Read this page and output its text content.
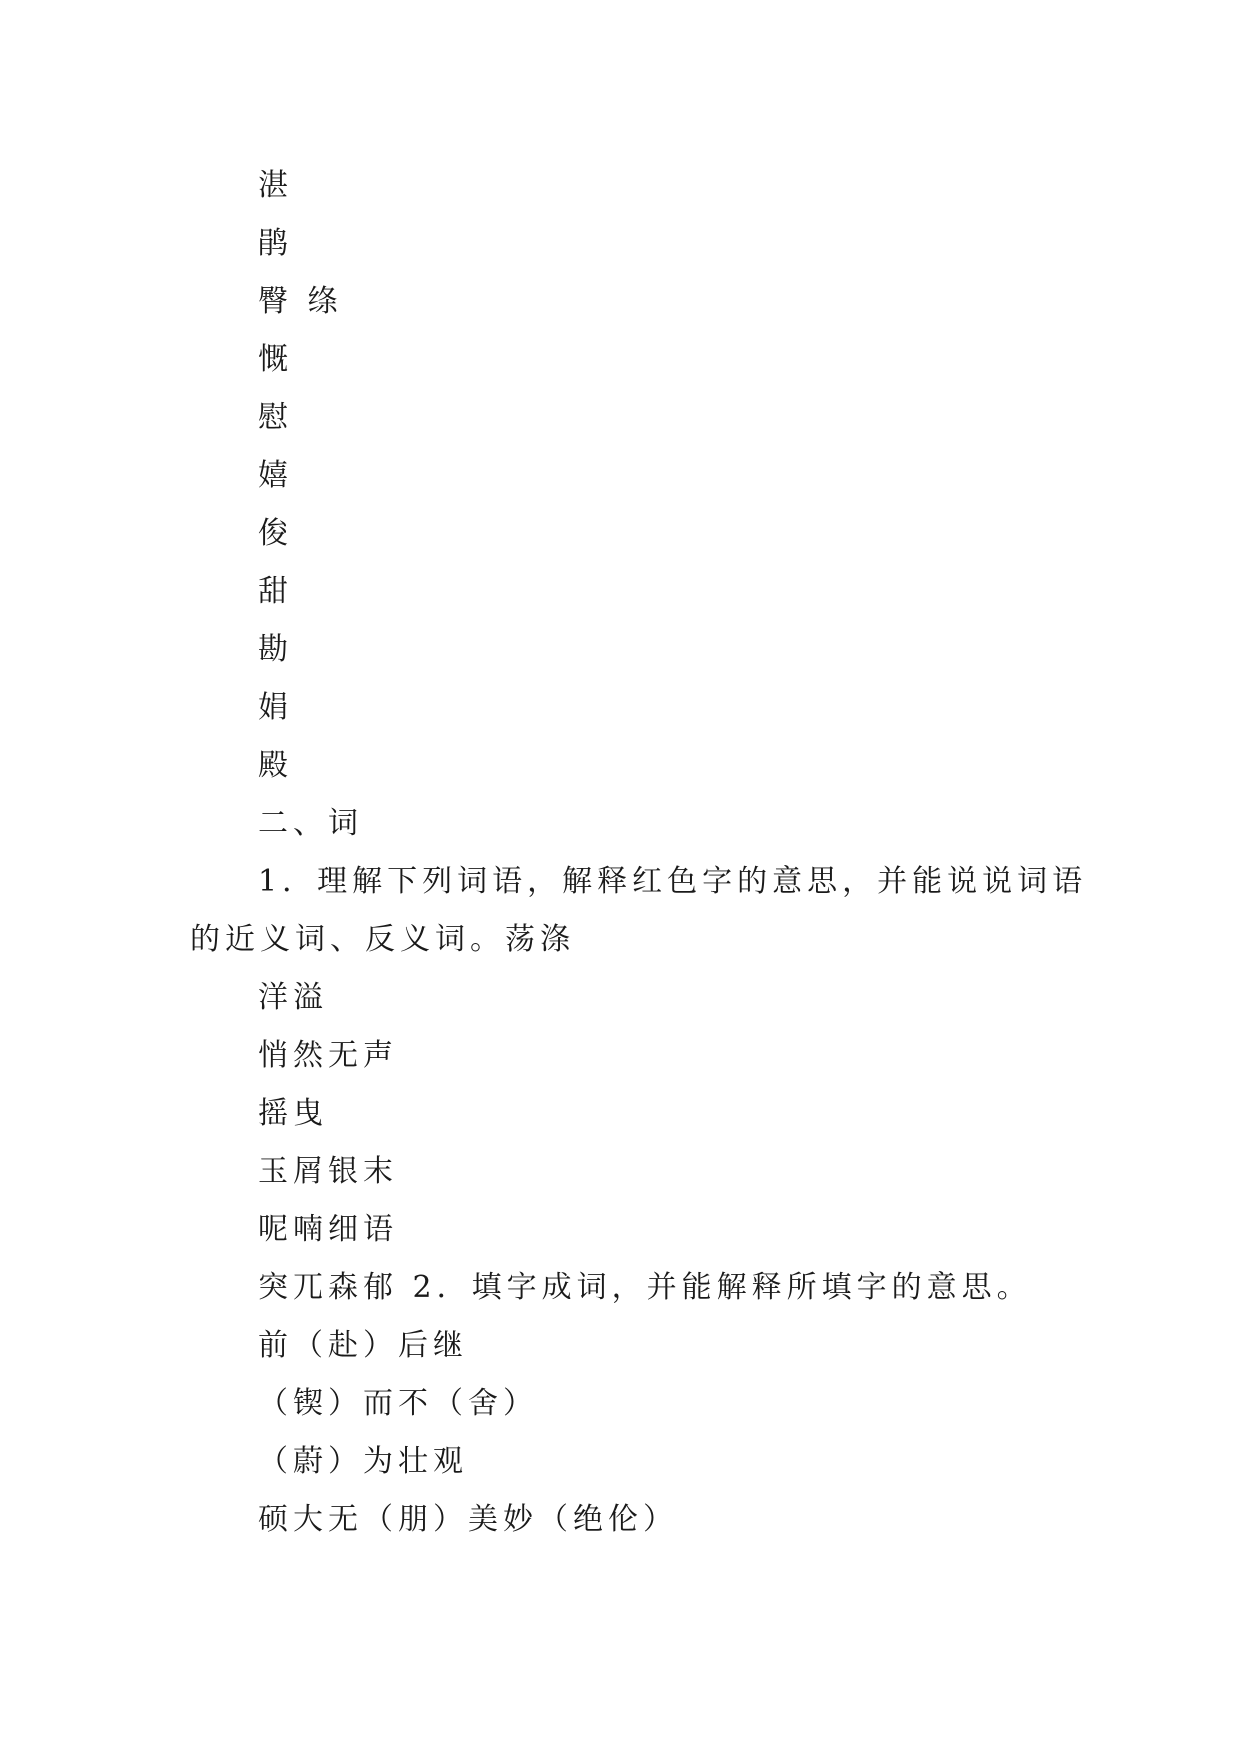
湛
鹃
臀 绦
慨
慰
嬉
俊
甜
勘
娟
殿
二、词
1．理解下列词语，解释红色字的意思，并能说说词语
的近义词、反义词。荡涤
洋溢
悄然无声
摇曳
玉屑银末
呢喃细语
突兀森郁 2．填字成词，并能解释所填字的意思。
前（赴）后继
（锲）而不（舍）
（蔚）为壮观
硕大无（朋）美妙（绝伦）
